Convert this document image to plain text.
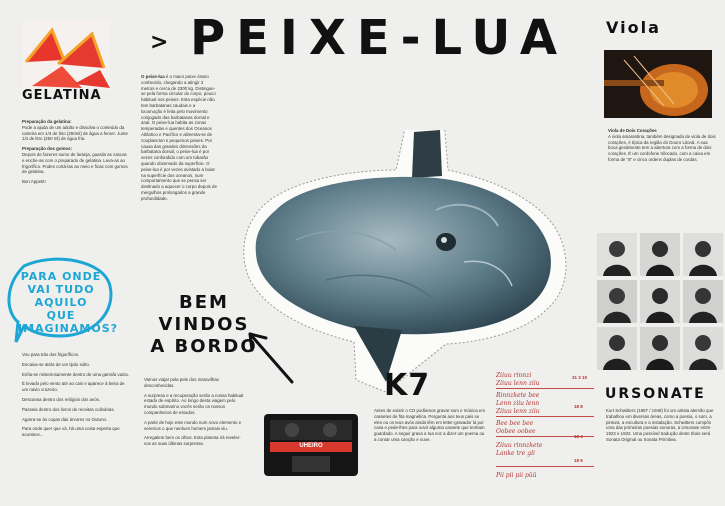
> PEIXE-LUA
GELATINA

Preparação da gelatina:
Pode a ajuda de um adulto e dissolva o conteúdo da carteira em 1/4 de litro (250ml) de água a ferver. Junte 1/4 de litro (250 ml) de água fria.

Preparação dos gomos:
Depois de fazeres sumo de laranja, guarda as cascas e enche-as com o preparado de gelatina. Leva-as ao frigorífico. Podes cortá-las ao meio e ficas com gomos de gelatina.

Bon Appetit!

O peixe-lua é o maior peixe ósseo conhecido, chegando a atingir 3 metros e cerca de 2300 kg. Distingue-se pela forma circular do corpo, pouco habitual nos peixes. Esta espécie não tem barbatanas caudais e a locomoção é feita pelo movimento conjugado das barbatanas dorsal e anal. O peixe-lua habita as zonas temperadas e quentes dos Oceanos Atlântico e Pacífico e alimenta-se de zooplancton e pequenos peixes. Por causa das grandes dimensões da barbatana dorsal, o peixe-lua é por vezes confundido com um tubarão quando observado da superfície. O peixe-lua é por vezes avistado a boiar na superfície dos oceanos, num comportamento que se pensa ser destinado a aquecer o corpo depois de mergulhos prolongados a grande profundidade.
PARA ONDE VAI TUDO AQUILO QUE IMAGINAMOS?

Vou para trás dos frigoríficos.

Encaixa-se atrás de um tijolo solto.

Enfia-se misteriosamente dentro de uma garrafa vazia.

É levado pelo vento até ao cais e aparece à beira de um navio cruzeiro.

Descansa dentro dos relógios dos avós.

Passeia dentro dos livros de receitas culinárias.

Agarra-se às copas das árvores no Outono.

Para onde quer que vá, há uma coisa esperta que acontece...

BEM
VINDOS
A BORDO

Vamos viajar pela pele dos maravilhas desconhecidas.

A surpresa e a recuperação serão a nossa habitual estado de espírito. Ao longo desta viagem pelo mundo submarino vocês serão os nossos companheiros de estudos.

A partir de hoje este mundo num novo elemento e veremos o que nenhum homem jamais viu.

Arregalem bem os olhos. Esta planeta irá revelar-vos as suas últimas surpresas.

Viola

Viola de Dois Corações
A viola amarantina, também designada de viola de dois corações, é típica da região do Douro Litoral. A sua boca geralmente tem a abertura com a forma de dois corações. É um cordofone trilocado, com a caixa em forma de "8" e cinco ordens duplas de cordas.

K7

Antes de existir o CD podíamos gravar som e música em cassetes de fita magnética. Pergunta aos teus pais se eles ou os teus avós ainda têm em letter-gravador lá por casa e pede-lhes para ouvir alguma cassete que tenham guardado. A seguir grava a tua voz a dizer um poema ou a contar uma canção e ouve.

UHEIRO
Ziiuu rinnzi
Ziiuu lenn ziiu
Rinnzkete bee
Lenn ziiu lenn
Ziiuu lenn ziiu
Bee bee bee
Oobee oobee
Ziiuu rinnzkete
Lanke tre gli
Pii pii pii püü
31 3 10
18 8
18 4
18 6
URSONATE

Kurt Schwitters (1887 / 1948) foi um artista alemão que trabalhou em diversas áreas, como a poesia, o som, a pintura, a escultura e a instalação. Schwitters compôs uma das primeiras poesias sonoras, a Ursonate entre 1922 e 1932. Uma possível tradução deste título será Sonata Original ou Sonata Primitiva.
